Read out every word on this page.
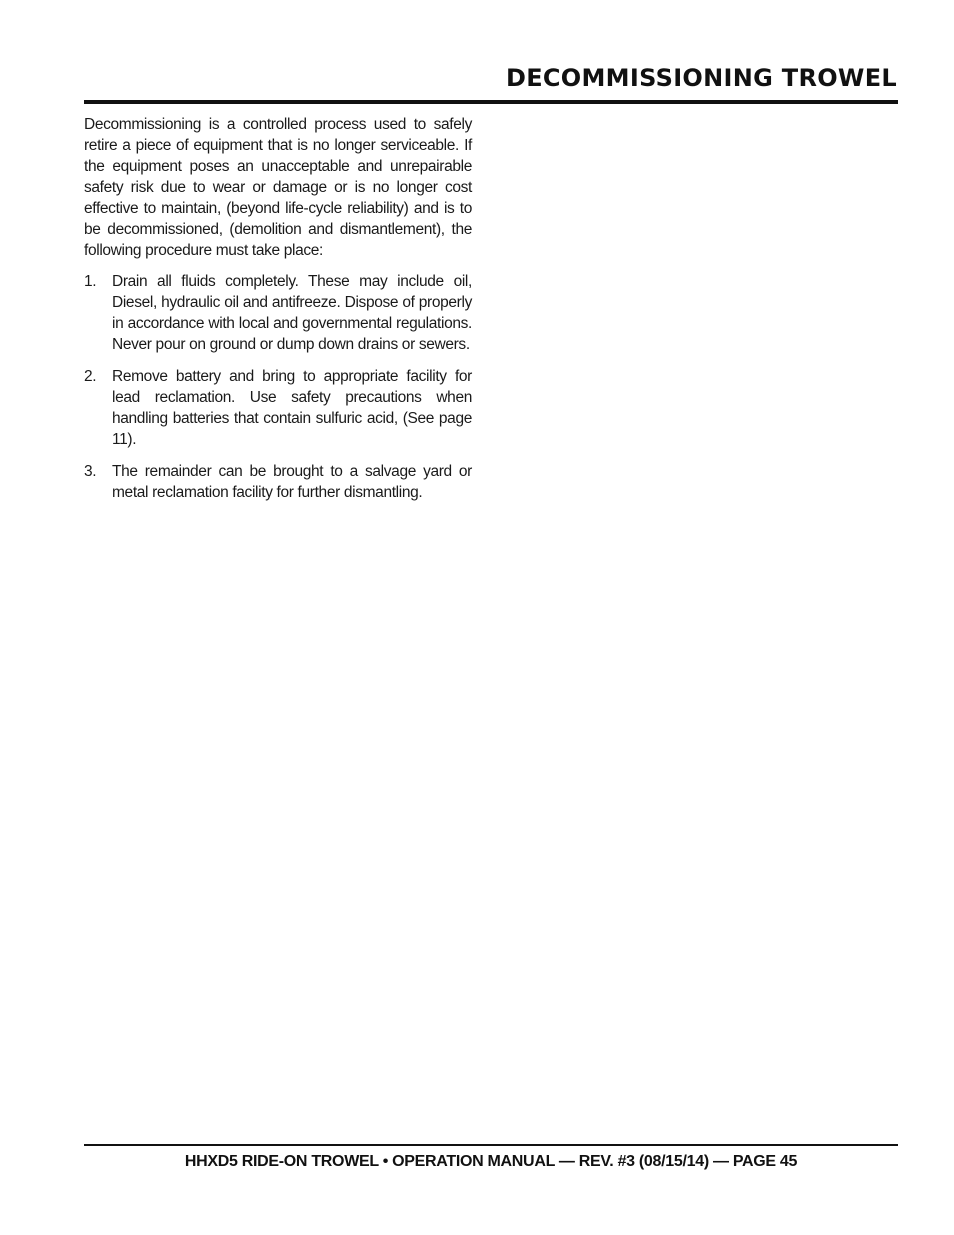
DECOMMISSIONING TROWEL

Decommissioning is a controlled process used to safely retire a piece of equipment that is no longer serviceable. If the equipment poses an unacceptable and unrepairable safety risk due to wear or damage or is no longer cost effective to maintain, (beyond life-cycle reliability) and is to be decommissioned, (demolition and dismantlement), the following procedure must take place:

1.	Drain all fluids completely. These may include oil, Diesel, hydraulic oil and antifreeze. Dispose of properly in accordance with local and governmental regulations. Never pour on ground or dump down drains or sewers.
2.	Remove battery and bring to appropriate facility for lead reclamation. Use safety precautions when handling batteries that contain sulfuric acid, (See page 11).
3.	The remainder can be brought to a salvage yard or metal reclamation facility for further dismantling.
HHXD5 RIDE-ON TROWEL • OPERATION MANUAL — REV. #3 (08/15/14) — PAGE 45
